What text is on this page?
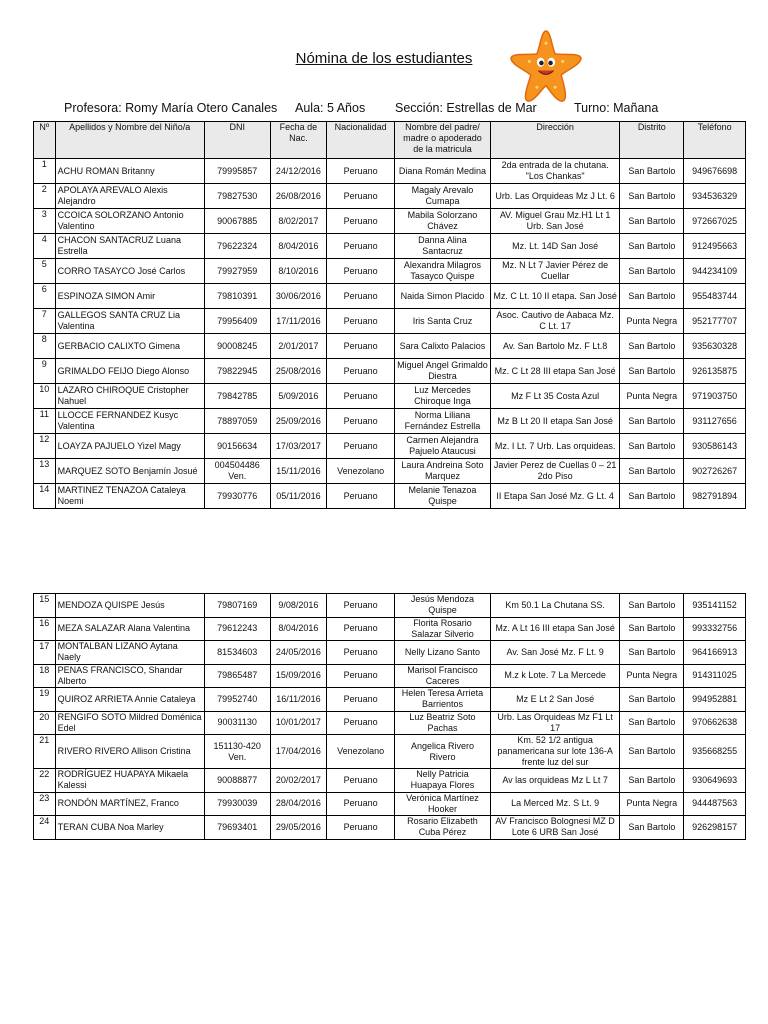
Nómina de los estudiantes
Profesora: Romy María Otero Canales Aula: 5 Años Sección: Estrellas de Mar	Turno: Mañana
Nº	Apellidos y Nombre del Niño/a	DNI	Fecha de Nac.	Nacionalidad	Nombre del padre/ madre o apoderado de la matricula	Dirección	Distrito	Teléfono
1	ACHU ROMAN Britanny	79995857	24/12/2016	Peruano	Diana Román Medina	2da entrada de la chutana. "Los Chankas"	San Bartolo	949676698
2	APOLAYA AREVALO Alexis Alejandro	79827530	26/08/2016	Peruano	Magaly Arevalo Cumapa	Urb. Las Orquideas Mz J Lt. 6	San Bartolo	934536329
3	CCOICA SOLORZANO Antonio Valentino	90067885	8/02/2017	Peruano	Mabila Solorzano Chávez	AV. Miguel Grau Mz.H1 Lt 1 Urb. San José	San Bartolo	972667025
4	CHACON SANTACRUZ Luana Estrella	79622324	8/04/2016	Peruano	Danna Alina Santacruz	Mz. Lt. 14D San José	San Bartolo	912495663
5	CORRO TASAYCO José Carlos	79927959	8/10/2016	Peruano	Alexandra Milagros Tasayco Quispe	Mz. N Lt 7 Javier Pérez de Cuellar	San Bartolo	944234109
6	ESPINOZA SIMON Amir	79810391	30/06/2016	Peruano	Naida Simon Placido	Mz. C Lt. 10 II etapa. San José	San Bartolo	955483744
7	GALLEGOS SANTA CRUZ Lia Valentina	79956409	17/11/2016	Peruano	Iris Santa Cruz	Asoc. Cautivo de Aabaca Mz. C Lt. 17	Punta Negra	952177707
8	GERBACIO CALIXTO Gimena	90008245	2/01/2017	Peruano	Sara Calixto Palacios	Av. San Bartolo Mz. F Lt.8	San Bartolo	935630328
9	GRIMALDO FEIJO Diego Alonso	79822945	25/08/2016	Peruano	Miguel Angel Grimaldo Diestra	Mz. C Lt 28 III etapa San José	San Bartolo	926135875
10	LAZARO CHIROQUE Cristopher Nahuel	79842785	5/09/2016	Peruano	Luz Mercedes Chiroque Inga	Mz F Lt 35 Costa Azul	Punta Negra	971903750
11	LLOCCE FERNANDEZ Kusyc Valentina	78897059	25/09/2016	Peruano	Norma Liliana Fernández Estrella	Mz B Lt 20 II etapa San José	San Bartolo	931127656
12	LOAYZA PAJUELO Yizel Magy	90156634	17/03/2017	Peruano	Carmen Alejandra Pajuelo Ataucusi	Mz. I Lt. 7 Urb. Las orquideas.	San Bartolo	930586143
13	MARQUEZ SOTO Benjamín Josué	004504486 Ven.	15/11/2016	Venezolano	Laura Andreina Soto Marquez	Javier Perez de Cuellas 0 – 21 2do Piso	San Bartolo	902726267
14	MARTINEZ TENAZOA Cataleya Noemi	79930776	05/11/2016	Peruano	Melanie Tenazoa Quispe	II Etapa San José Mz. G Lt. 4	San Bartolo	982791894
15	MENDOZA QUISPE Jesús	79807169	9/08/2016	Peruano	Jesús Mendoza Quispe	Km 50.1 La Chutana SS.	San Bartolo	935141152
16	MEZA SALAZAR Alana Valentina	79612243	8/04/2016	Peruano	Florita Rosario Salazar Silverio	Mz. A Lt 16 III etapa San José	San Bartolo	993332756
17	MONTALBAN LIZANO Aytana Naely	81534603	24/05/2016	Peruano	Nelly Lizano Santo	Av. San José Mz. F Lt. 9	San Bartolo	964166913
18	PENAS FRANCISCO, Shandar Alberto	79865487	15/09/2016	Peruano	Marisol Francisco Caceres	M.z k Lote. 7 La Mercede	Punta Negra	914311025
19	QUIROZ ARRIETA Annie Cataleya	79952740	16/11/2016	Peruano	Helen Teresa Arrieta Barrientos	Mz E Lt 2 San José	San Bartolo	994952881
20	RENGIFO SOTO Mildred Doménica Edel	90031130	10/01/2017	Peruano	Luz Beatriz Soto Pachas	Urb. Las Orquideas Mz F1 Lt 17	San Bartolo	970662638
21	RIVERO RIVERO Allison Cristina	151130-420 Ven.	17/04/2016	Venezolano	Angelica Rivero Rivero	Km. 52 1/2 antigua panamericana sur lote 136-A frente luz del sur	San Bartolo	935668255
22	RODRÍGUEZ HUAPAYA Mikaela Kalessi	90088877	20/02/2017	Peruano	Nelly Patricia Huapaya Flores	Av las orquideas Mz L Lt 7	San Bartolo	930649693
23	RONDÓN MARTÍNEZ, Franco	79930039	28/04/2016	Peruano	Verónica Martínez Hooker	La Merced Mz. S Lt. 9	Punta Negra	944487563
24	TERAN CUBA Noa Marley	79693401	29/05/2016	Peruano	Rosario Elizabeth Cuba Pérez	AV Francisco Bolognesi MZ D Lote 6 URB San José	San Bartolo	926298157
